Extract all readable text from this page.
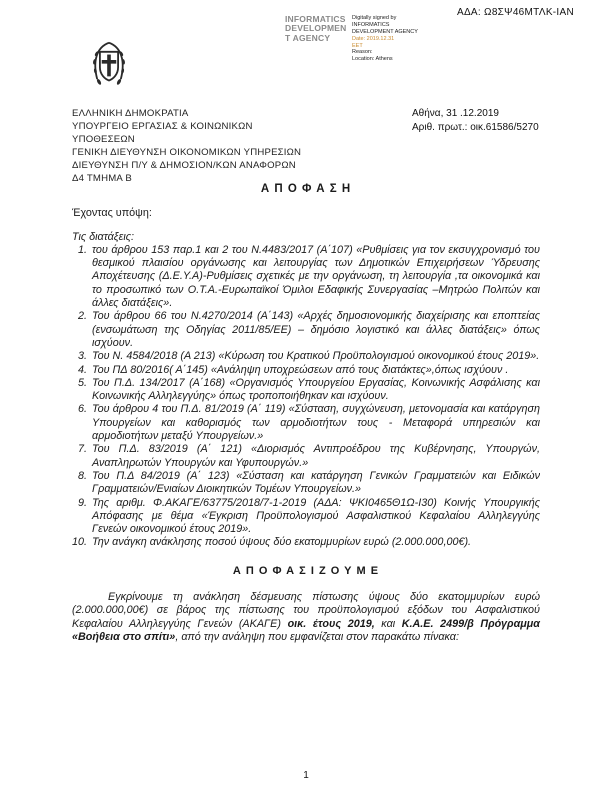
ΑΔΑ: Ω8ΣΨ46ΜΤΛΚ-ΙΑΝ
INFORMATICS DEVELOPMENT AGENCY
Digitally signed by
INFORMATICS
DEVELOPMENT AGENCY
Date: 2019.12.31
EET
Reason:
Location: Athens
ΕΛΛΗΝΙΚΗ ΔΗΜΟΚΡΑΤΙΑ
ΥΠΟΥΡΓΕΙΟ ΕΡΓΑΣΙΑΣ & ΚΟΙΝΩΝΙΚΩΝ
ΥΠΟΘΕΣΕΩΝ
ΓΕΝΙΚΗ ΔΙΕΥΘΥΝΣΗ ΟΙΚΟΝΟΜΙΚΩΝ ΥΠΗΡΕΣΙΩΝ
ΔΙΕΥΘΥΝΣΗ Π/Υ & ΔΗΜΟΣΙΟΝ/ΚΩΝ ΑΝΑΦΟΡΩΝ
Δ4 ΤΜΗΜΑ Β
Αθήνα, 31 .12.2019
Αριθ. πρωτ.: οικ.61586/5270
Α Π Ο Φ Α Σ Η

Έχοντας υπόψη:

Τις διατάξεις:

1. του άρθρου 153 παρ.1 και 2 του Ν.4483/2017 (Α΄107) «Ρυθμίσεις για τον εκσυγχρονισμό του θεσμικού πλαισίου οργάνωσης και λειτουργίας των Δημοτικών Επιχειρήσεων Ύδρευσης Αποχέτευσης (Δ.Ε.Υ.Α)-Ρυθμίσεις σχετικές με την οργάνωση, τη λειτουργία ,τα οικονομικά και το προσωπικό των Ο.Τ.Α.-Ευρωπαϊκοί Όμιλοι Εδαφικής Συνεργασίας –Μητρώο Πολιτών και άλλες διατάξεις».
2. Του άρθρου 66 του Ν.4270/2014 (Α΄143) «Αρχές δημοσιονομικής διαχείρισης και εποπτείας (ενσωμάτωση της Οδηγίας 2011/85/ΕΕ) – δημόσιο λογιστικό και άλλες διατάξεις» όπως ισχύουν.
3. Του Ν. 4584/2018 (Α 213) «Κύρωση του Κρατικού Προϋπολογισμού οικονομικού έτους 2019».
4. Του ΠΔ 80/2016( Α΄145) «Ανάληψη υποχρεώσεων από τους διατάκτες»,όπως ισχύουν .
5. Του Π.Δ. 134/2017 (Α΄168) «Οργανισμός Υπουργείου Εργασίας, Κοινωνικής Ασφάλισης και Κοινωνικής Αλληλεγγύης» όπως τροποποιήθηκαν και ισχύουν.
6. Του άρθρου 4 του Π.Δ. 81/2019 (Α΄ 119) «Σύσταση, συγχώνευση, μετονομασία και κατάργηση Υπουργείων και καθορισμός των αρμοδιοτήτων τους - Μεταφορά υπηρεσιών και αρμοδιοτήτων μεταξύ Υπουργείων.»
7. Του Π.Δ. 83/2019 (Α΄ 121) «Διορισμός Αντιπροέδρου της Κυβέρνησης, Υπουργών, Αναπληρωτών Υπουργών και Υφυπουργών.»
8. Του Π.Δ 84/2019 (Α΄ 123) «Σύσταση και κατάργηση Γενικών Γραμματειών και Ειδικών Γραμματειών/Ενιαίων Διοικητικών Τομέων Υπουργείων.»
9. Της αριθμ. Φ.ΑΚΑΓΕ/63775/2018/7-1-2019 (ΑΔΑ: ΨΚΙ0465Θ1Ω-Ι30) Κοινής Υπουργικής Απόφασης με θέμα «Έγκριση Προϋπολογισμού Ασφαλιστικού Κεφαλαίου Αλληλεγγύης Γενεών οικονομικού έτους 2019».
10. Την ανάγκη ανάκλησης ποσού ύψους δύο εκατομμυρίων ευρώ (2.000.000,00€).
Α Π Ο Φ Α Σ Ι Ζ Ο Υ Μ Ε

Εγκρίνουμε τη ανάκληση δέσμευσης πίστωσης ύψους δύο εκατομμυρίων ευρώ (2.000.000,00€) σε βάρος της πίστωσης του προϋπολογισμού εξόδων του Ασφαλιστικού Κεφαλαίου Αλληλεγγύης Γενεών (ΑΚΑΓΕ) οικ. έτους 2019, και Κ.Α.Ε. 2499/β Πρόγραμμα «Βοήθεια στο σπίτι», από την ανάληψη που εμφανίζεται στον παρακάτω πίνακα:

1
